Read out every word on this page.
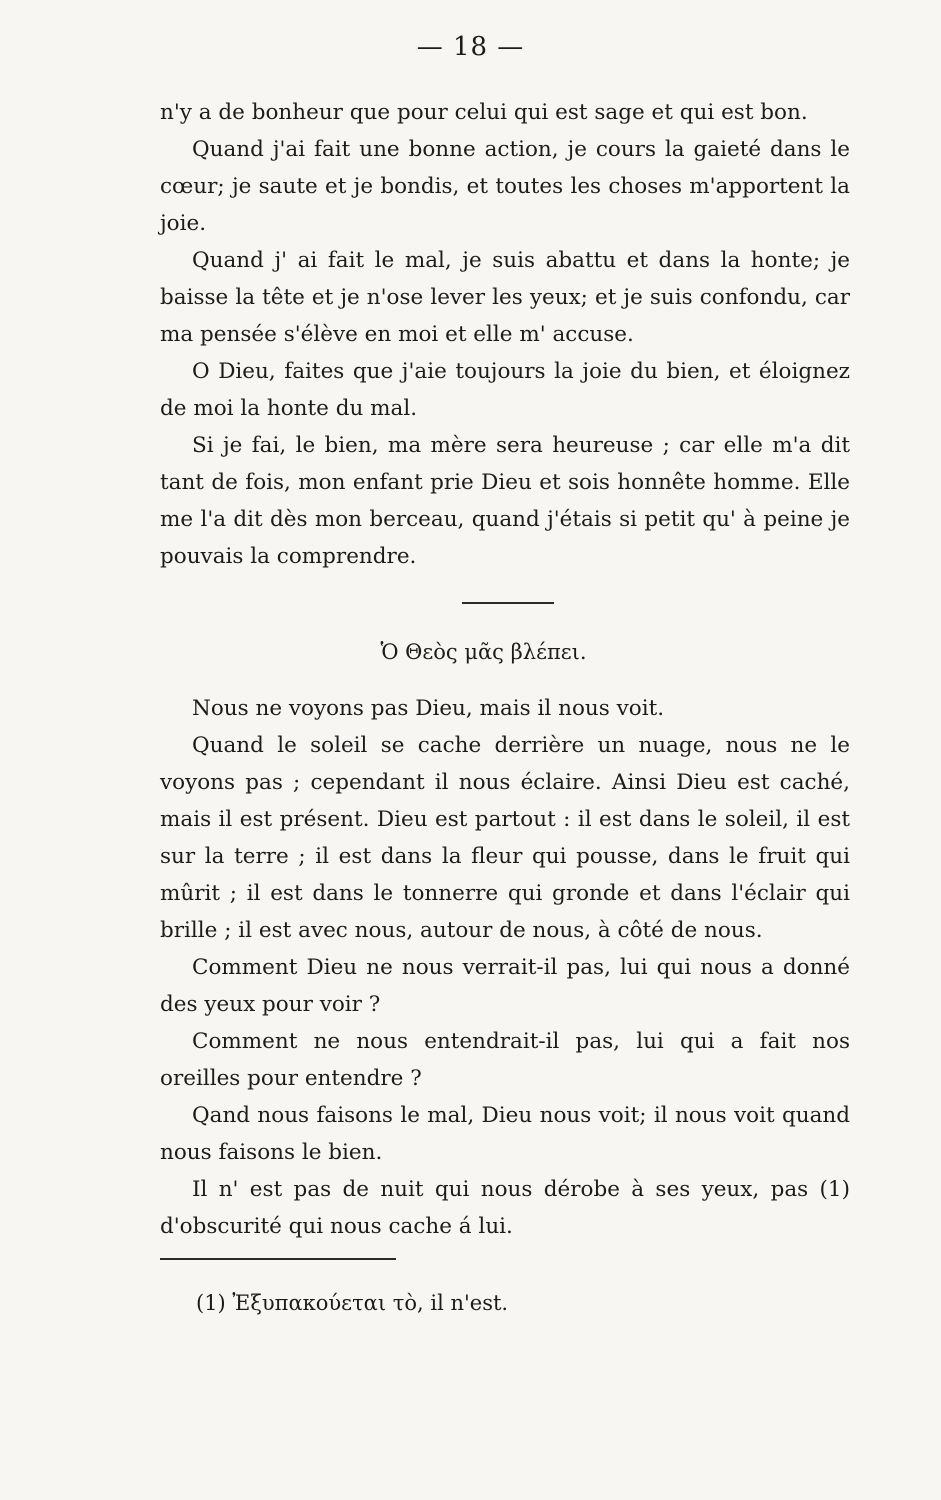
— 18 —

n'y a de bonheur que pour celui qui est sage et qui est bon.

Quand j'ai fait une bonne action, je cours la gaieté dans le cœur; je saute et je bondis, et toutes les choses m'apportent la joie.

Quand j' ai fait le mal, je suis abattu et dans la honte; je baisse la tête et je n'ose lever les yeux; et je suis confondu, car ma pensée s'élève en moi et elle m' accuse.

O Dieu, faites que j'aie toujours la joie du bien, et éloignez de moi la honte du mal.

Si je fai, le bien, ma mère sera heureuse ; car elle m'a dit tant de fois, mon enfant prie Dieu et sois honnête homme. Elle me l'a dit dès mon berceau, quand j'étais si petit qu' à peine je pouvais la comprendre.

Ὁ Θεὸς μᾶς βλέπει.

Nous ne voyons pas Dieu, mais il nous voit.

Quand le soleil se cache derrière un nuage, nous ne le voyons pas ; cependant il nous éclaire. Ainsi Dieu est caché, mais il est présent. Dieu est partout : il est dans le soleil, il est sur la terre ; il est dans la fleur qui pousse, dans le fruit qui mûrit ; il est dans le tonnerre qui gronde et dans l'éclair qui brille ; il est avec nous, autour de nous, à côté de nous.

Comment Dieu ne nous verrait-il pas, lui qui nous a donné des yeux pour voir ?

Comment ne nous entendrait-il pas, lui qui a fait nos oreilles pour entendre ?

Qand nous faisons le mal, Dieu nous voit; il nous voit quand nous faisons le bien.

Il n' est pas de nuit qui nous dérobe à ses yeux, pas (1) d'obscurité qui nous cache á lui.

(1) Ἐξυπακούεται τὸ, il n'est.
